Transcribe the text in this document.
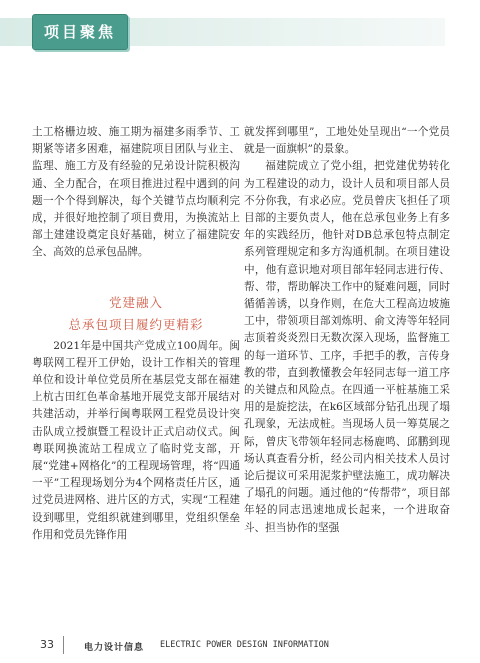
项目聚焦

土工格栅边坡、施工期为福建多雨季节、工期紧等诸多困难，福建院项目团队与业主、监理、施工方及有经验的兄弟设计院积极沟通、全力配合，在项目推进过程中遇到的问题一个个得到解决，每个关键节点均顺利完成，并很好地控制了项目费用，为换流站上部土建建设奠定良好基础，树立了福建院安全、高效的总承包品牌。

党建融入
总承包项目履约更精彩

2021年是中国共产党成立100周年。闽粤联网工程开工伊始，设计工作相关的管理单位和设计单位党员所在基层党支部在福建上杭古田红色革命基地开展党支部开展结对共建活动，并举行闽粤联网工程党员设计突击队成立授旗暨工程设计正式启动仪式。闽粤联网换流站工程成立了临时党支部，开展“党建+网格化”的工程现场管理，将“四通一平”工程现场划分为4个网格责任片区，通过党员进网格、进片区的方式，实现“工程建设到哪里，党组织就建到哪里，党组织堡垒作用和党员先锋作用

就发挥到哪里”，工地处处呈现出“一个党员就是一面旗帜”的景象。

福建院成立了党小组，把党建优势转化为工程建设的动力，设计人员和项目部人员不分你我，有求必应。党员曾庆飞担任了项目部的主要负责人，他在总承包业务上有多年的实践经历，他针对DB总承包特点制定系列管理规定和多方沟通机制。在项目建设中，他有意识地对项目部年轻同志进行传、帮、带，帮助解决工作中的疑难问题，同时循循善诱，以身作则，在危大工程高边坡施工中，带领项目部刘炼明、俞文涛等年轻同志顶着炎炎烈日无数次深入现场，监督施工的每一道环节、工序，手把手的教，言传身教的带，直到教懂教会年轻同志每一道工序的关键点和风险点。在四通一平桩基施工采用的是旋挖法，在k6区域部分钻孔出现了塌孔现象，无法成桩。当现场人员一筹莫展之际，曾庆飞带领年轻同志杨鹿鸣、邱鹏到现场认真查看分析，经公司内相关技术人员讨论后提议可采用泥浆护壁法施工，成功解决了塌孔的问题。通过他的“传帮带”，项目部年轻的同志迅速地成长起来，一个进取奋斗、担当协作的坚强

33	电力设计信息 ELECTRIC POWER DESIGN INFORMATION
